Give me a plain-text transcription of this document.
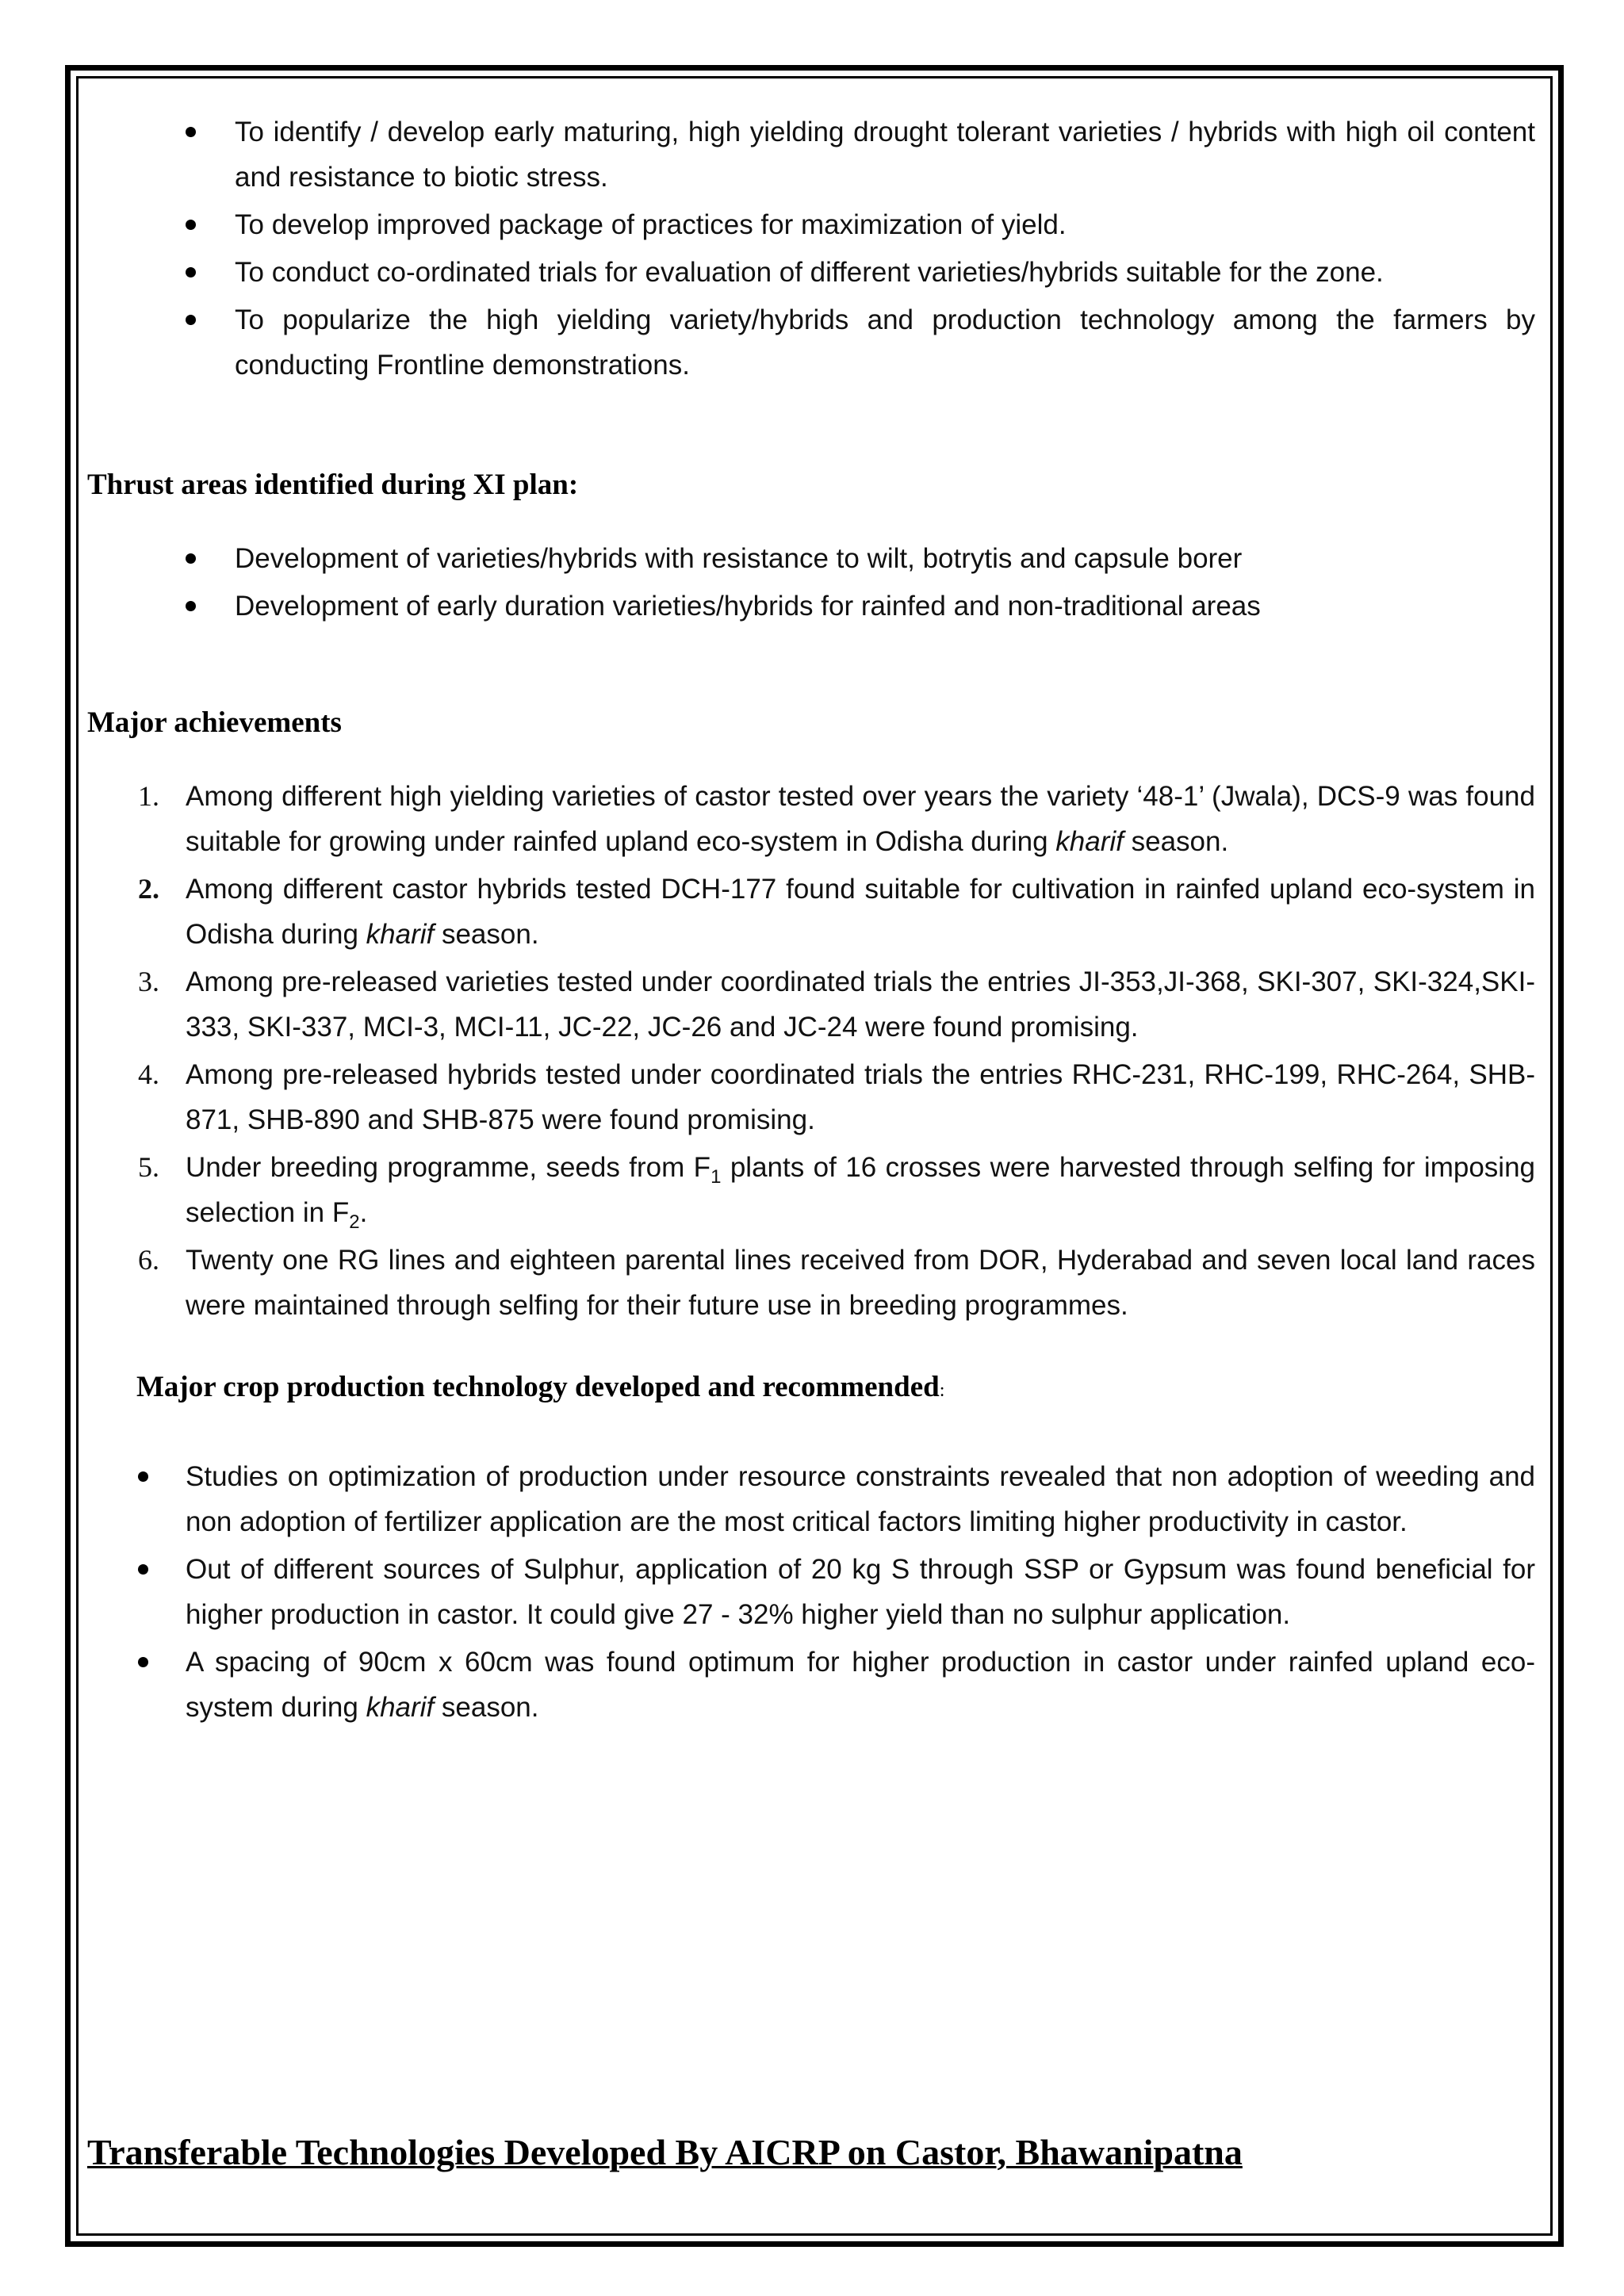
To identify / develop early maturing, high yielding drought tolerant varieties / hybrids with high oil content and resistance to biotic stress.
To develop improved package of practices for maximization of yield.
To conduct co-ordinated trials for evaluation of different varieties/hybrids suitable for the zone.
To popularize the high yielding variety/hybrids and production technology among the farmers by conducting Frontline demonstrations.
Thrust areas identified during XI plan:
Development of varieties/hybrids with resistance to wilt, botrytis and capsule borer
Development of early duration varieties/hybrids for rainfed and non-traditional areas
Major achievements
1. Among different high yielding varieties of castor tested over years the variety ‘48-1’ (Jwala), DCS-9 was found suitable for growing under rainfed upland eco-system in Odisha during kharif season.
2. Among different castor hybrids tested DCH-177 found suitable for cultivation in rainfed upland eco-system in Odisha during kharif season.
3. Among pre-released varieties tested under coordinated trials the entries JI-353,JI-368, SKI-307, SKI-324,SKI-333, SKI-337, MCI-3, MCI-11, JC-22, JC-26 and JC-24 were found promising.
4. Among pre-released hybrids tested under coordinated trials the entries RHC-231, RHC-199, RHC-264, SHB-871, SHB-890 and SHB-875 were found promising.
5. Under breeding programme, seeds from $F_1$ plants of 16 crosses were harvested through selfing for imposing selection in $F_2$.
6. Twenty one RG lines and eighteen parental lines received from DOR, Hyderabad and seven local land races were maintained through selfing for their future use in breeding programmes.
Major crop production technology developed and recommended:
Studies on optimization of production under resource constraints revealed that non adoption of weeding and non adoption of fertilizer application are the most critical factors limiting higher productivity in castor.
Out of different sources of Sulphur, application of 20 kg S through SSP or Gypsum was found beneficial for higher production in castor. It could give 27 - 32% higher yield than no sulphur application.
A spacing of 90cm x 60cm was found optimum for higher production in castor under rainfed upland eco-system during kharif season.
Transferable Technologies Developed By AICRP on Castor, Bhawanipatna
